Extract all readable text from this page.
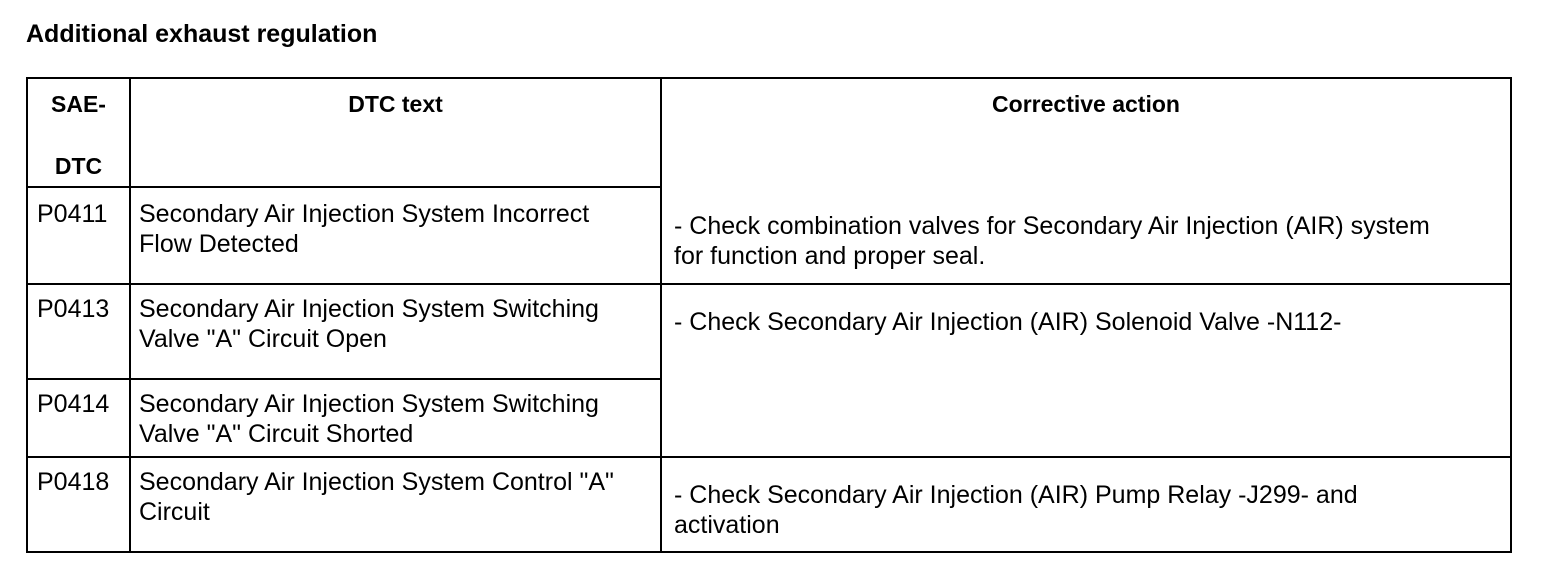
Additional exhaust regulation
SAE-
DTC
DTC text	Corrective action
P0411 Secondary Air Injection System Incorrect
Flow Detected
P0413 Secondary Air Injection System Switching
Valve "A" Circuit Open
P0414 Secondary Air Injection System Switching
Valve "A" Circuit Shorted
P0418 Secondary Air Injection System Control "A"
Circuit
- Check combination valves for Secondary Air Injection (AIR) system
for function and proper seal.
- Check Secondary Air Injection (AIR) Solenoid Valve -N112-
- Check Secondary Air Injection (AIR) Pump Relay -J299- and
activation
